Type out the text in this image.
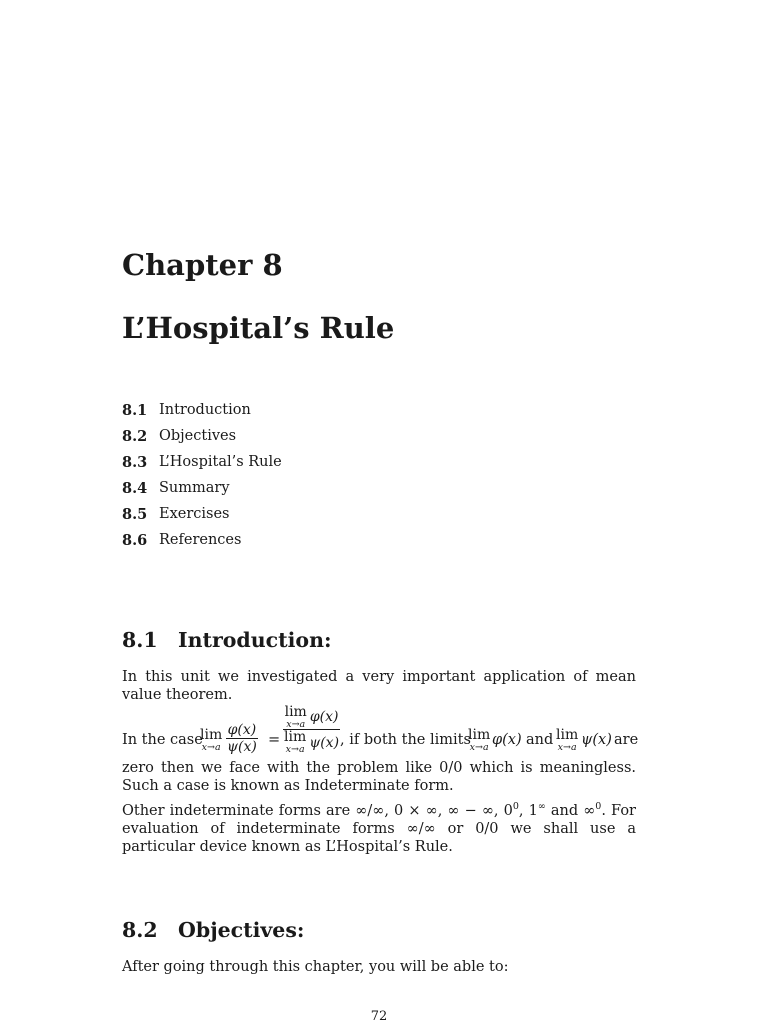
Chapter 8
L’Hospital’s Rule
8.1 Introduction
8.2 Objectives
8.3 L’Hospital’s Rule
8.4 Summary
8.5 Exercises
8.6 References
8.1 Introduction:

In this unit we investigated a very important application of mean value theorem.

In the case
lim
$x\to a \frac{\varphi(x)}{\psi(x)} = \lim$
x→a φ(x)
lim
x→a ψ(x)
, if both the limits
lim
x→a φ(x) and lim
x→a ψ(x) are

zero then we face with the problem like 0/0 which is meaningless. Such a case is known as Indeterminate form.

Other indeterminate forms are ∞/∞, 0 × ∞, ∞ − ∞, $0^0$, 1∞ and ∞$^0$. For evaluation of indeterminate forms ∞/∞ or 0/0 we shall use a particular device known as L’Hospital’s Rule.

8.2 Objectives:

After going through this chapter, you will be able to:

72
